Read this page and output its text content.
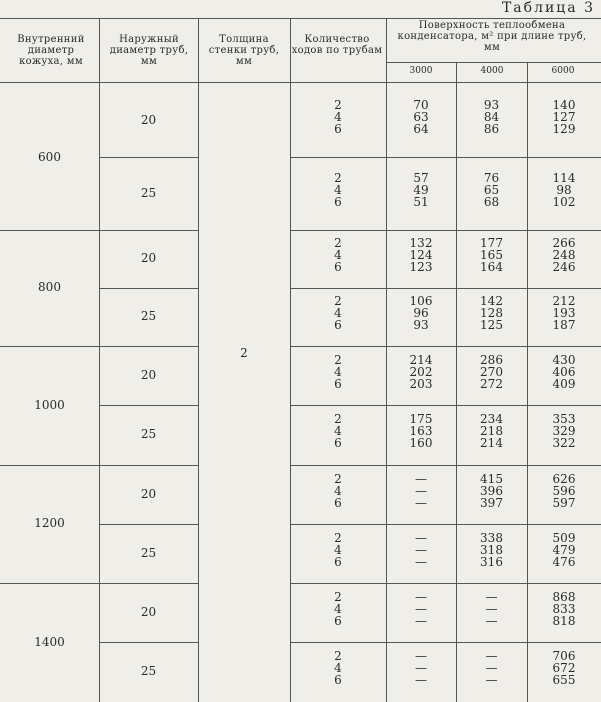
Таблица 3
Внутренний диаметр кожуха, мм
Наружный диаметр труб, мм
Толщина стенки труб, мм
Количество ходов по трубам
Поверхность теплообмена конденсатора, м² при длине труб, мм
3000	4000	6000
600
800
1000
1200
1400
20
2
4
6
70
63
64
93
84
86
140
127
129
25
2
4
6
57
49
51
76
65
68
114
98
102
20
2
4
6
132
124
123
177
165
164
266
248
246
25
2
4
6
106
96
93
142
128
125
212
193
187
20
2
4
6
214
202
203
286
270
272
430
406
409
25
2
4
6
175
163
160
234
218
214
353
329
322
20
2
4
6
—
—
—
415
396
397
626
596
597
25
2
4
6
—
—
—
338
318
316
509
479
476
20
2
4
6
—
—
—
—
—
—
868
833
818
25
2
4
6
—
—
—
—
—
—
706
672
655
2
